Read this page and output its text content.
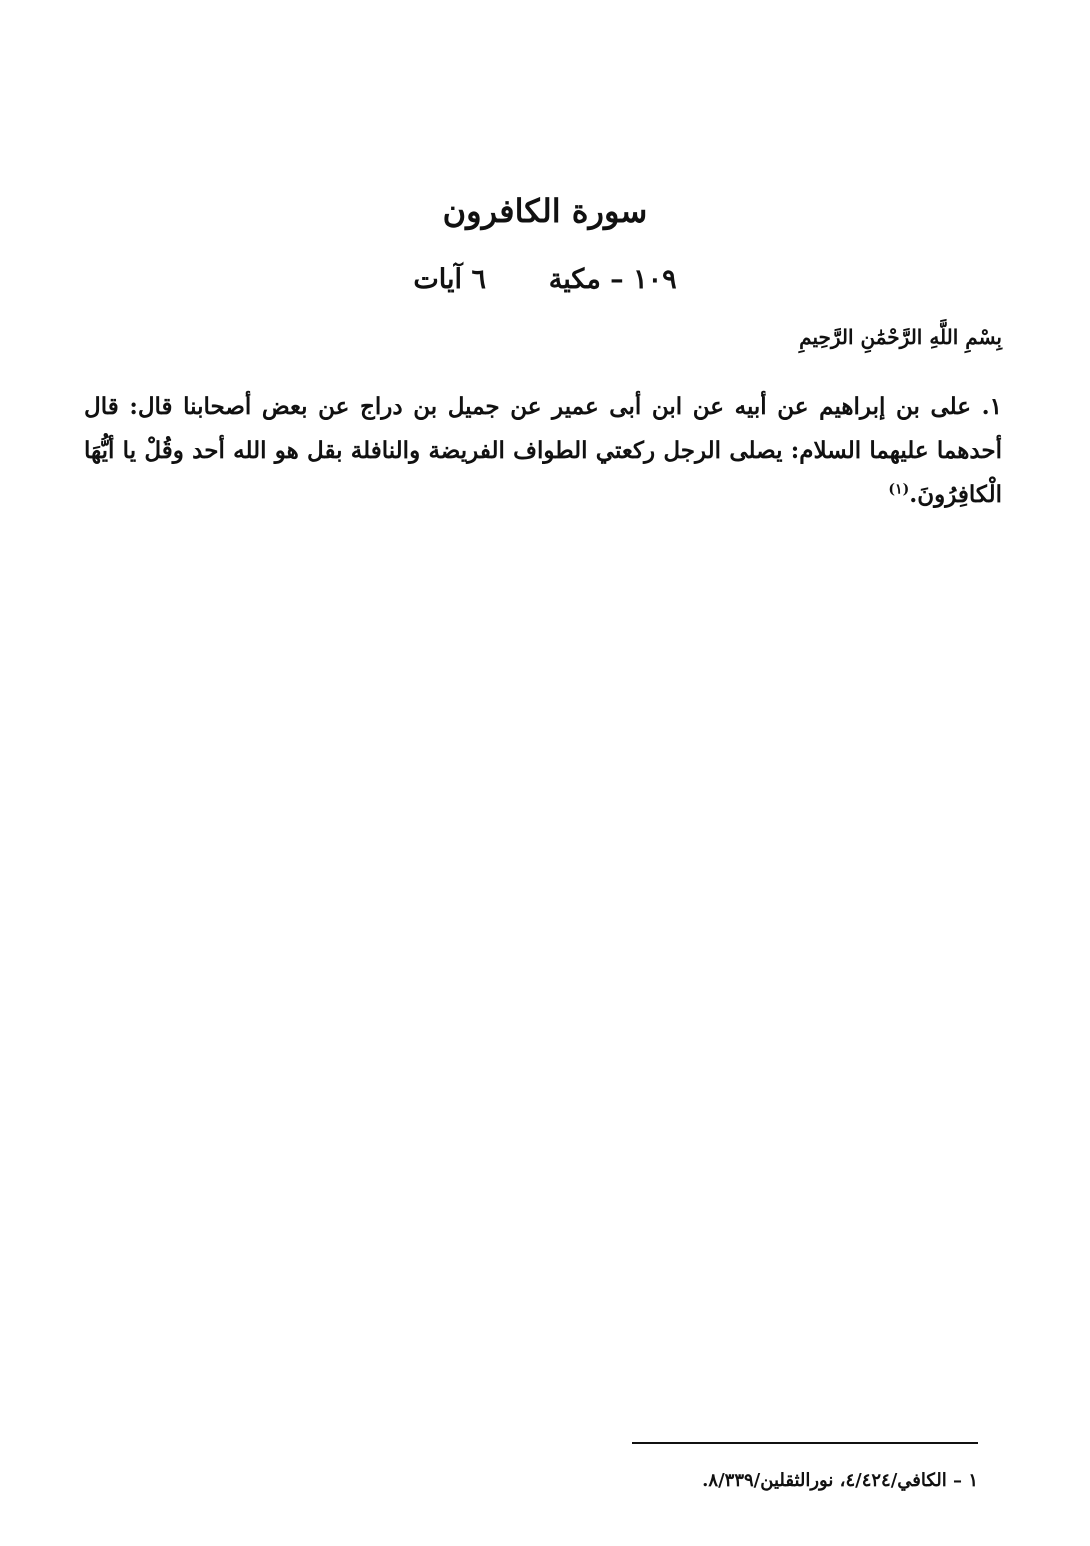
سورة الكافرون
١٠٩ – مكية  ٦ آيات
بِسْمِ اللَّهِ الرَّحْمَٰنِ الرَّحِيمِ

١. على بن إبراهيم عن أبيه عن ابن أبى عمير عن جميل بن دراج عن بعض أصحابنا قال: قال أحدهما عليهما السلام: يصلى الرجل ركعتي الطواف الفريضة والنافلة بقل هو الله أحد وقُلْ يا أيُّهَا الْكافِرُونَ.$^{(١)}$

١ – الكافي/٤/٤٢٤، نورالثقلين/٨/٣٣٩.
